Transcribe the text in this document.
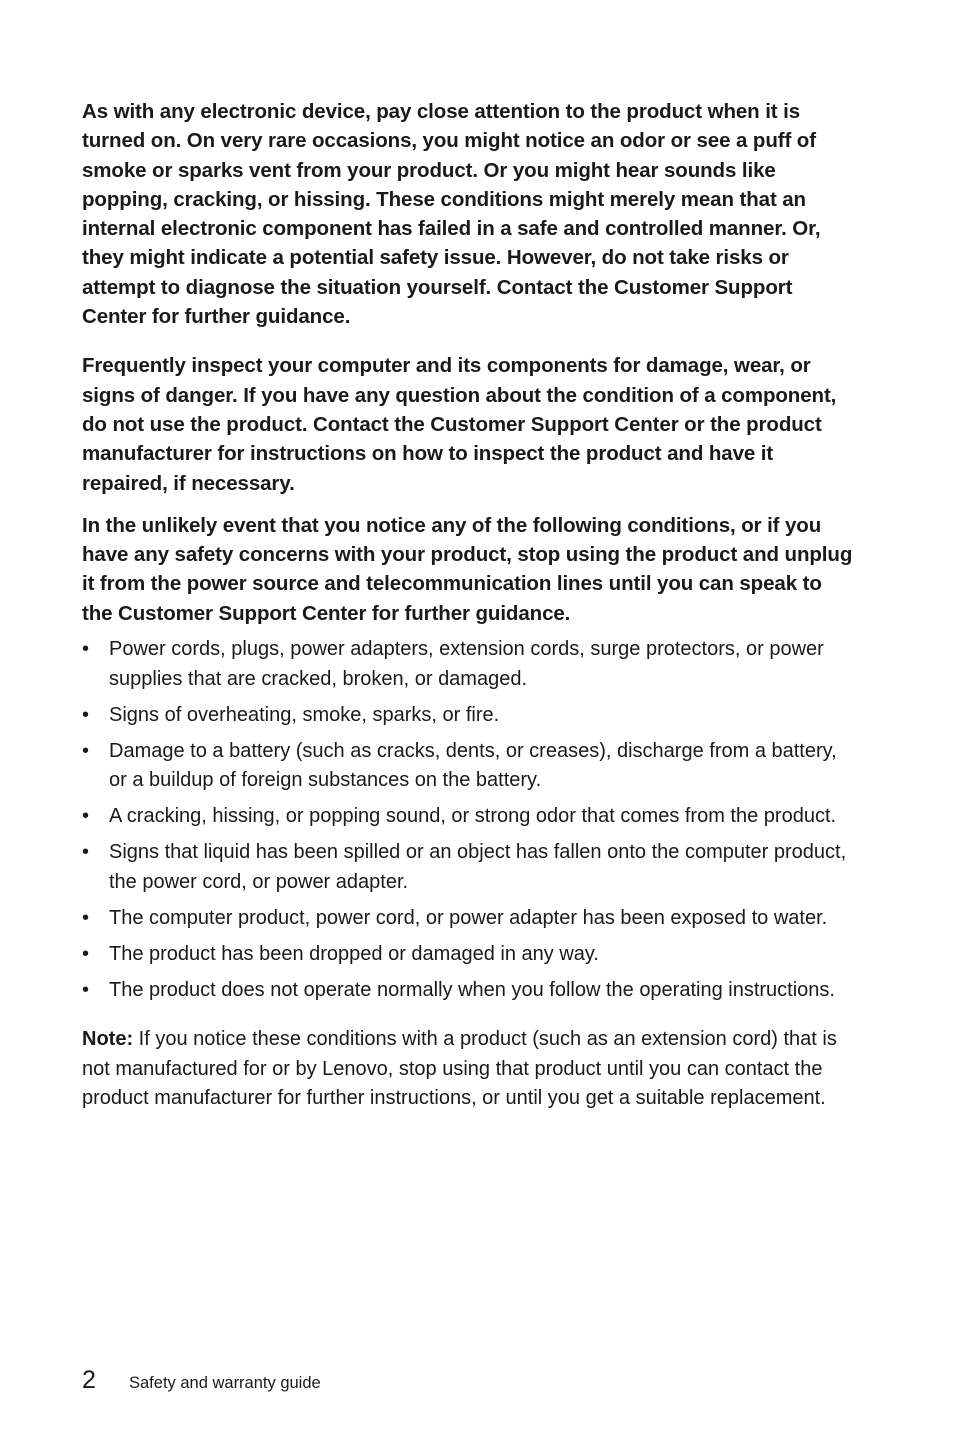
As with any electronic device, pay close attention to the product when it is turned on. On very rare occasions, you might notice an odor or see a puff of smoke or sparks vent from your product. Or you might hear sounds like popping, cracking, or hissing. These conditions might merely mean that an internal electronic component has failed in a safe and controlled manner. Or, they might indicate a potential safety issue. However, do not take risks or attempt to diagnose the situation yourself. Contact the Customer Support Center for further guidance.

Frequently inspect your computer and its components for damage, wear, or signs of danger. If you have any question about the condition of a component, do not use the product. Contact the Customer Support Center or the product manufacturer for instructions on how to inspect the product and have it repaired, if necessary.

In the unlikely event that you notice any of the following conditions, or if you have any safety concerns with your product, stop using the product and unplug it from the power source and telecommunication lines until you can speak to the Customer Support Center for further guidance.

• Power cords, plugs, power adapters, extension cords, surge protectors, or power supplies that are cracked, broken, or damaged.
• Signs of overheating, smoke, sparks, or fire.
• Damage to a battery (such as cracks, dents, or creases), discharge from a battery, or a buildup of foreign substances on the battery.
• A cracking, hissing, or popping sound, or strong odor that comes from the product.
• Signs that liquid has been spilled or an object has fallen onto the computer product, the power cord, or power adapter.
• The computer product, power cord, or power adapter has been exposed to water.
• The product has been dropped or damaged in any way.
• The product does not operate normally when you follow the operating instructions.

Note: If you notice these conditions with a product (such as an extension cord) that is not manufactured for or by Lenovo, stop using that product until you can contact the product manufacturer for further instructions, or until you get a suitable replacement.

2	Safety and warranty guide
